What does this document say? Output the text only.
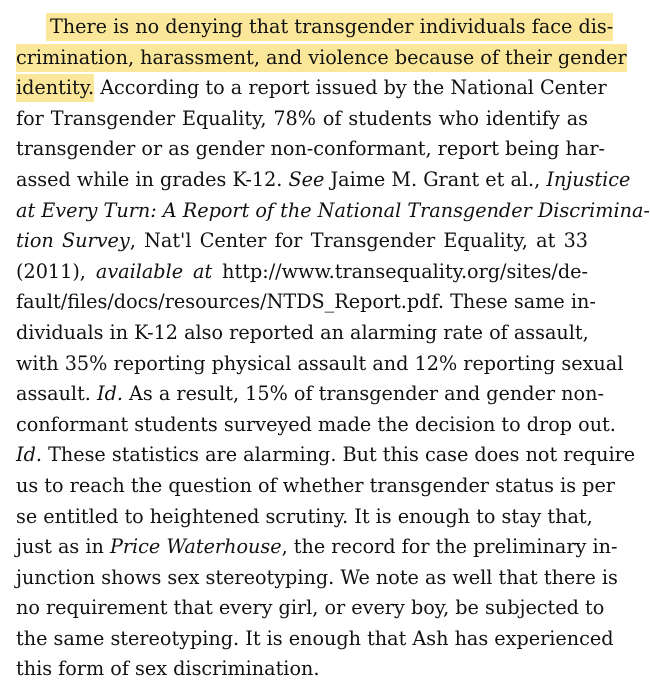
There is no denying that transgender individuals face dis-
crimination, harassment, and violence because of their gender
identity. According to a report issued by the National Center
for Transgender Equality, 78% of students who identify as
transgender or as gender non-conformant, report being har-
assed while in grades K-12. See Jaime M. Grant et al., Injustice
at Every Turn: A Report of the National Transgender Discrimina-
tion Survey, Nat'l Center for Transgender Equality, at 33
(2011), available at http://www.transequality.org/sites/de-
fault/files/docs/resources/NTDS_Report.pdf. These same in-
dividuals in K-12 also reported an alarming rate of assault,
with 35% reporting physical assault and 12% reporting sexual
assault. Id. As a result, 15% of transgender and gender non-
conformant students surveyed made the decision to drop out.
Id. These statistics are alarming. But this case does not require
us to reach the question of whether transgender status is per
se entitled to heightened scrutiny. It is enough to stay that,
just as in Price Waterhouse, the record for the preliminary in-
junction shows sex stereotyping. We note as well that there is
no requirement that every girl, or every boy, be subjected to
the same stereotyping. It is enough that Ash has experienced
this form of sex discrimination.
